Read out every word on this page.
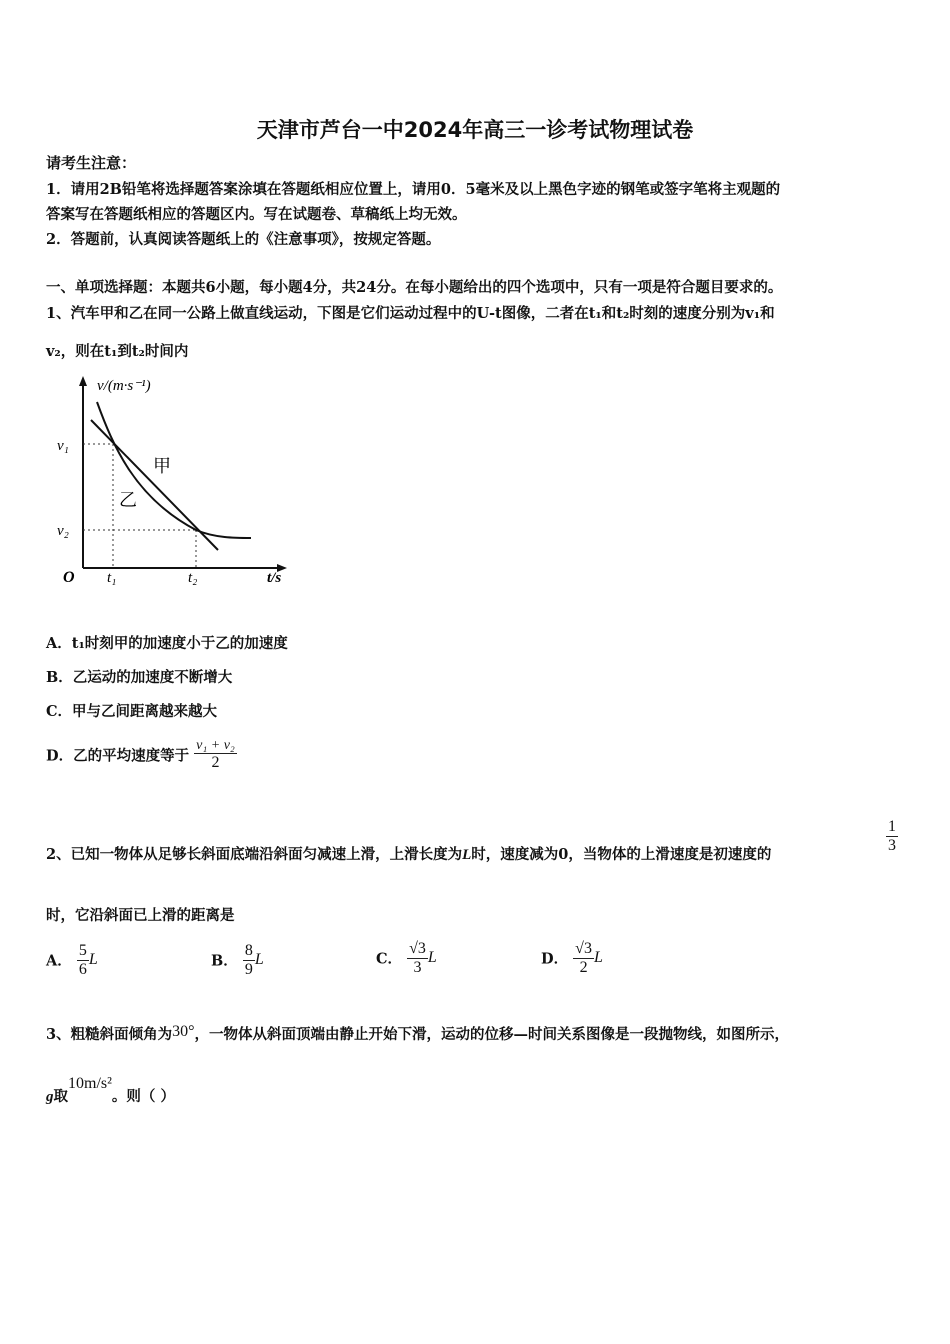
天津市芦台一中2024年高三一诊考试物理试卷
请考生注意：
1．请用2B铅笔将选择题答案涂填在答题纸相应位置上，请用0．5毫米及以上黑色字迹的钢笔或签字笔将主观题的
答案写在答题纸相应的答题区内。写在试题卷、草稿纸上均无效。
2．答题前，认真阅读答题纸上的《注意事项》，按规定答题。
一、单项选择题：本题共6小题，每小题4分，共24分。在每小题给出的四个选项中，只有一项是符合题目要求的。
1、汽车甲和乙在同一公路上做直线运动，下图是它们运动过程中的U-t图像，二者在t₁和t₂时刻的速度分别为v₁和
v₂，则在t₁到t₂时间内
v/(m·s⁻¹)
v₁
v₂
O t₁	t₂	t/s
甲
乙
A．t₁时刻甲的加速度小于乙的加速度
B．乙运动的加速度不断增大
C．甲与乙间距离越来越大
D．乙的平均速度等于 $\frac{\text{v₁ + v₂}}{2}$
2、已知一物体从足够长斜面底端沿斜面匀减速上滑，上滑长度为L时，速度减为0，当物体的上滑速度是初速度的
$\frac{1}{3}$
时，它沿斜面已上滑的距离是
A． $\frac{5}{6}$ L	B． $\frac{8}{9}$ L	C． $\frac{√3}{3}$ L	D． $\frac{√3}{2}$ L
3、粗糙斜面倾角为30°，一物体从斜面顶端由静止开始下滑，运动的位移—时间关系图像是一段抛物线，如图所示，
g取10m/s²。则（ ）
